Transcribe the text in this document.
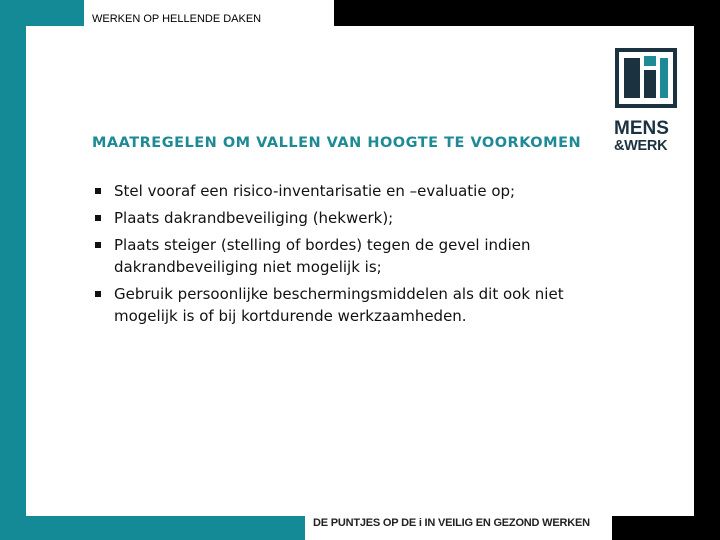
WERKEN OP HELLENDE DAKEN
MENS
&WERK
MAATREGELEN OM VALLEN VAN HOOGTE TE VOORKOMEN
Stel vooraf een risico-inventarisatie en –evaluatie op;
Plaats dakrandbeveiliging (hekwerk);
Plaats steiger (stelling of bordes) tegen de gevel indien dakrandbeveiliging niet mogelijk is;
Gebruik persoonlijke beschermingsmiddelen als dit ook niet mogelijk is of bij kortdurende werkzaamheden.
DE PUNTJES OP DE i IN VEILIG EN GEZOND WERKEN
